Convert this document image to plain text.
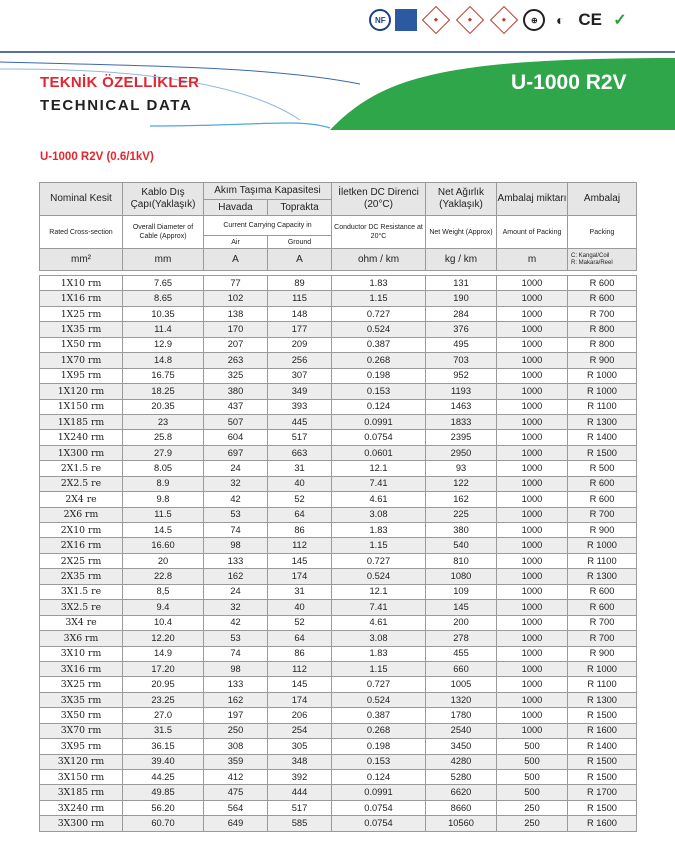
NF	◆	◆	◆	⊕	◐ CE ✓
TEKNİK ÖZELLİKLER
TECHNICAL DATA
U-1000 R2V
U-1000 R2V (0.6/1kV)
Nominal Kesit	Kablo Dış Çapı(Yaklaşık)	Akım Taşıma Kapasitesi		İletken DC Direnci (20°C)	Net Ağırlık (Yaklaşık)	Ambalaj miktarı	Ambalaj
		Havada	Toprakta				
Rated Cross-section	Overall Diameter of Cable (Approx)	Current Carrying Capacity in		Conductor DC Resistance at 20°C	Net Weight (Approx)	Amount of Packing	Packing
		Air	Ground				
mm²	mm	A	A	ohm / km	kg / km	m	C: Kangal/Coil
R: Makara/Reel

1X10 rm	7.65	77	89	1.83	131	1000	R 600
1X16 rm	8.65	102	115	1.15	190	1000	R 600
1X25 rm	10.35	138	148	0.727	284	1000	R 700
1X35 rm	11.4	170	177	0.524	376	1000	R 800
1X50 rm	12.9	207	209	0.387	495	1000	R 800
1X70 rm	14.8	263	256	0.268	703	1000	R 900
1X95 rm	16.75	325	307	0.198	952	1000	R 1000
1X120 rm	18.25	380	349	0.153	1193	1000	R 1000
1X150 rm	20.35	437	393	0.124	1463	1000	R 1100
1X185 rm	23	507	445	0.0991	1833	1000	R 1300
1X240 rm	25.8	604	517	0.0754	2395	1000	R 1400
1X300 rm	27.9	697	663	0.0601	2950	1000	R 1500
2X1.5 re	8.05	24	31	12.1	93	1000	R 500
2X2.5 re	8.9	32	40	7.41	122	1000	R 600
2X4 re	9.8	42	52	4.61	162	1000	R 600
2X6 rm	11.5	53	64	3.08	225	1000	R 700
2X10 rm	14.5	74	86	1.83	380	1000	R 900
2X16 rm	16.60	98	112	1.15	540	1000	R 1000
2X25 rm	20	133	145	0.727	810	1000	R 1100
2X35 rm	22.8	162	174	0.524	1080	1000	R 1300
3X1.5 re	8,5	24	31	12.1	109	1000	R 600
3X2.5 re	9.4	32	40	7.41	145	1000	R 600
3X4 re	10.4	42	52	4.61	200	1000	R 700
3X6 rm	12.20	53	64	3.08	278	1000	R 700
3X10 rm	14.9	74	86	1.83	455	1000	R 900
3X16 rm	17.20	98	112	1.15	660	1000	R 1000
3X25 rm	20.95	133	145	0.727	1005	1000	R 1100
3X35 rm	23.25	162	174	0.524	1320	1000	R 1300
3X50 rm	27.0	197	206	0.387	1780	1000	R 1500
3X70 rm	31.5	250	254	0.268	2540	1000	R 1600
3X95 rm	36.15	308	305	0.198	3450	500	R 1400
3X120 rm	39.40	359	348	0.153	4280	500	R 1500
3X150 rm	44.25	412	392	0.124	5280	500	R 1500
3X185 rm	49.85	475	444	0.0991	6620	500	R 1700
3X240 rm	56.20	564	517	0.0754	8660	250	R 1500
3X300 rm	60.70	649	585	0.0754	10560	250	R 1600
